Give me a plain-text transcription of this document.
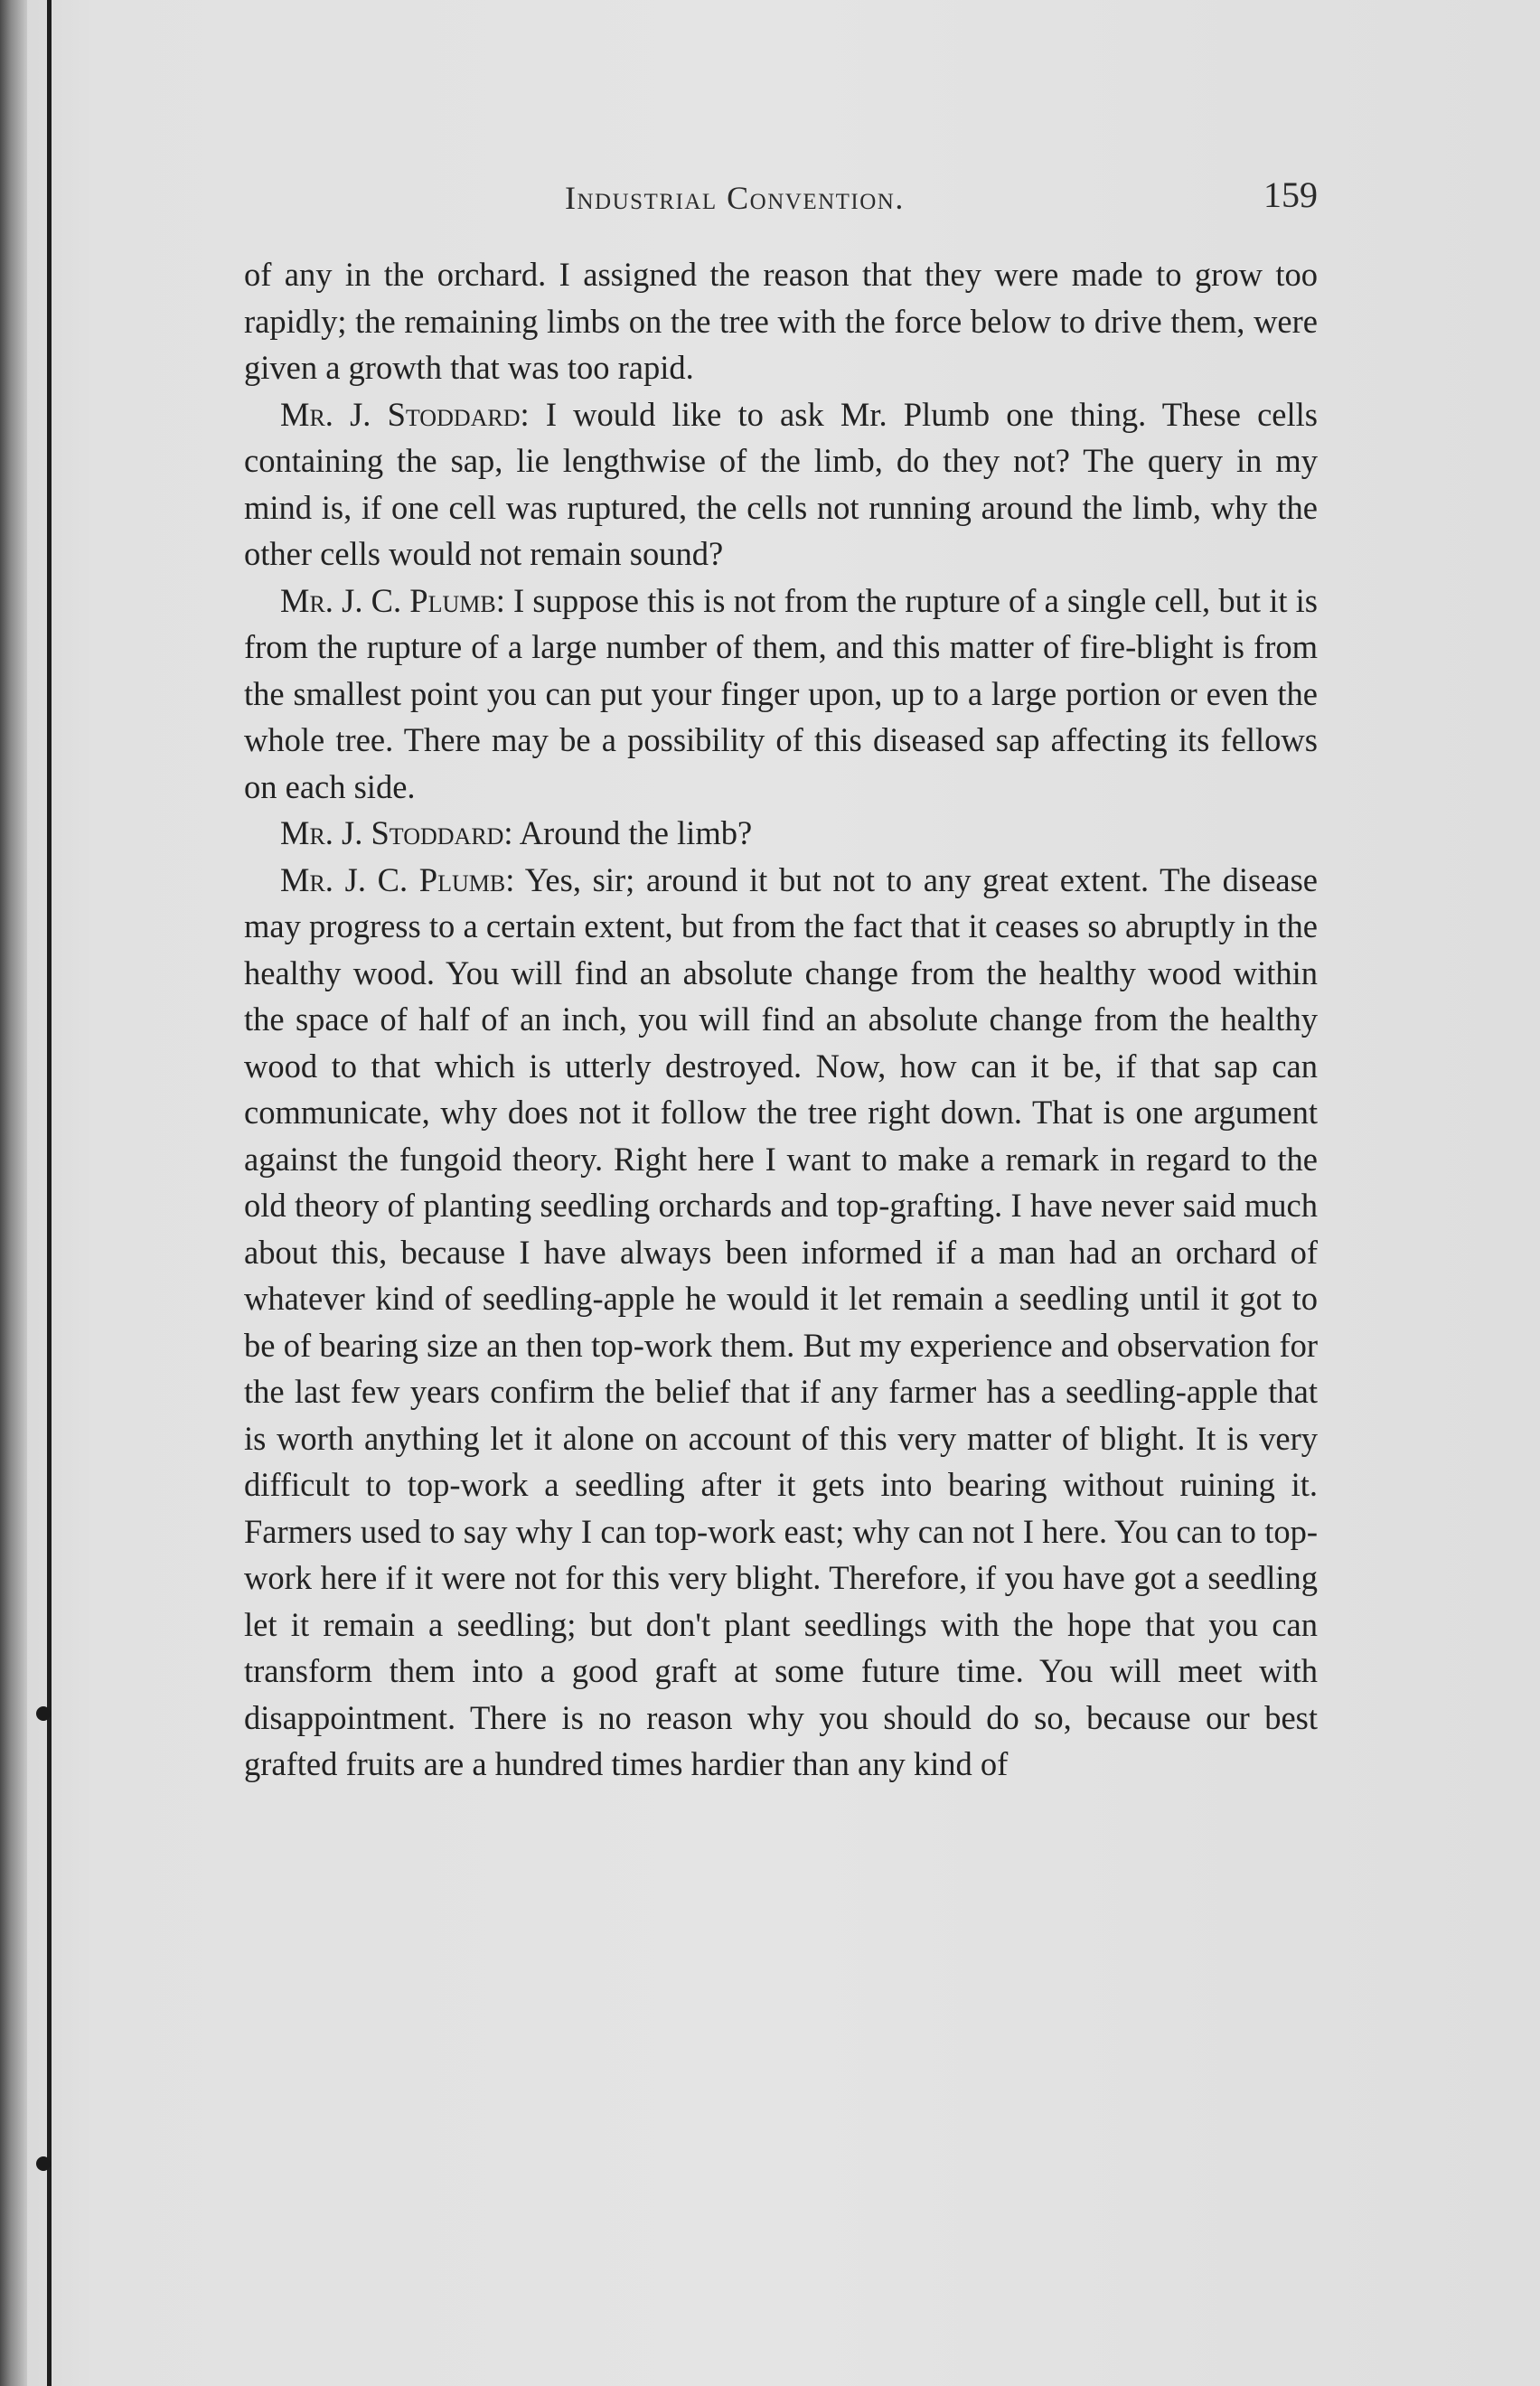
Industrial Convention.	159

of any in the orchard. I assigned the reason that they were made to grow too rapidly; the remaining limbs on the tree with the force below to drive them, were given a growth that was too rapid.

Mr. J. Stoddard: I would like to ask Mr. Plumb one thing. These cells containing the sap, lie lengthwise of the limb, do they not? The query in my mind is, if one cell was ruptured, the cells not running around the limb, why the other cells would not remain sound?

Mr. J. C. Plumb: I suppose this is not from the rupture of a single cell, but it is from the rupture of a large number of them, and this matter of fire-blight is from the smallest point you can put your finger upon, up to a large portion or even the whole tree. There may be a possibility of this diseased sap affecting its fellows on each side.

Mr. J. Stoddard: Around the limb?

Mr. J. C. Plumb: Yes, sir; around it but not to any great extent. The disease may progress to a certain extent, but from the fact that it ceases so abruptly in the healthy wood. You will find an absolute change from the healthy wood within the space of half of an inch, you will find an absolute change from the healthy wood to that which is utterly destroyed. Now, how can it be, if that sap can communicate, why does not it follow the tree right down. That is one argument against the fungoid theory. Right here I want to make a remark in regard to the old theory of planting seedling orchards and top-grafting. I have never said much about this, because I have always been informed if a man had an orchard of whatever kind of seedling-apple he would it let remain a seedling until it got to be of bearing size an then top-work them. But my experience and observation for the last few years confirm the belief that if any farmer has a seedling-apple that is worth anything let it alone on account of this very matter of blight. It is very difficult to top-work a seedling after it gets into bearing without ruining it. Farmers used to say why I can top-work east; why can not I here. You can to top-work here if it were not for this very blight. Therefore, if you have got a seedling let it remain a seedling; but don't plant seedlings with the hope that you can transform them into a good graft at some future time. You will meet with disappointment. There is no reason why you should do so, because our best grafted fruits are a hundred times hardier than any kind of
